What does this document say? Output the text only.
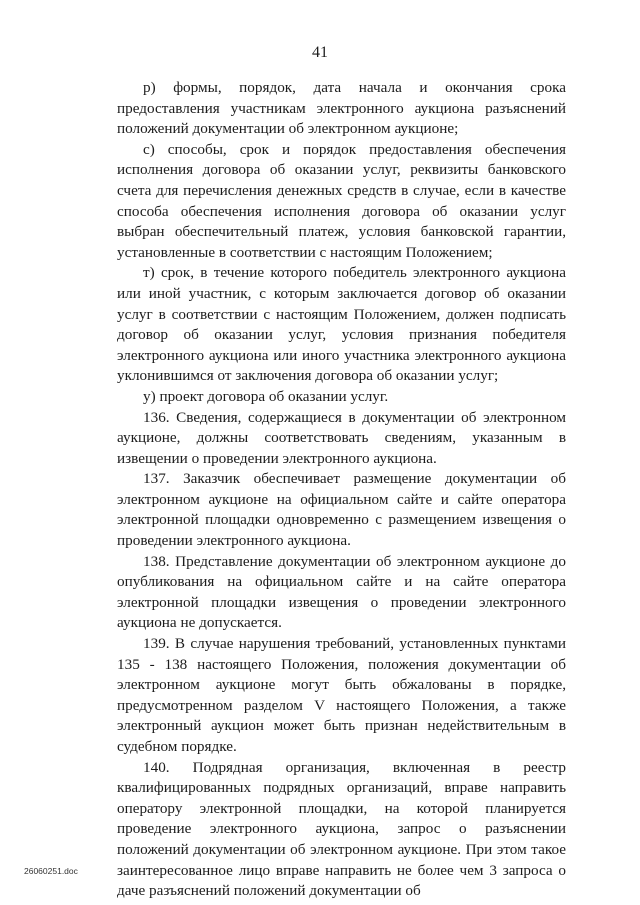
41

р) формы, порядок, дата начала и окончания срока предоставления участникам электронного аукциона разъяснений положений документации об электронном аукционе;

с) способы, срок и порядок предоставления обеспечения исполнения договора об оказании услуг, реквизиты банковского счета для перечисления денежных средств в случае, если в качестве способа обеспечения исполнения договора об оказании услуг выбран обеспечительный платеж, условия банковской гарантии, установленные в соответствии с настоящим Положением;

т) срок, в течение которого победитель электронного аукциона или иной участник, с которым заключается договор об оказании услуг в соответствии с настоящим Положением, должен подписать договор об оказании услуг, условия признания победителя электронного аукциона или иного участника электронного аукциона уклонившимся от заключения договора об оказании услуг;

у) проект договора об оказании услуг.

136. Сведения, содержащиеся в документации об электронном аукционе, должны соответствовать сведениям, указанным в извещении о проведении электронного аукциона.

137. Заказчик обеспечивает размещение документации об электронном аукционе на официальном сайте и сайте оператора электронной площадки одновременно с размещением извещения о проведении электронного аукциона.

138. Представление документации об электронном аукционе до опубликования на официальном сайте и на сайте оператора электронной площадки извещения о проведении электронного аукциона не допускается.

139. В случае нарушения требований, установленных пунктами 135 - 138 настоящего Положения, положения документации об электронном аукционе могут быть обжалованы в порядке, предусмотренном разделом V настоящего Положения, а также электронный аукцион может быть признан недействительным в судебном порядке.

140. Подрядная организация, включенная в реестр квалифицированных подрядных организаций, вправе направить оператору электронной площадки, на которой планируется проведение электронного аукциона, запрос о разъяснении положений документации об электронном аукционе. При этом такое заинтересованное лицо вправе направить не более чем 3 запроса о даче разъяснений положений документации об

26060251.doc
